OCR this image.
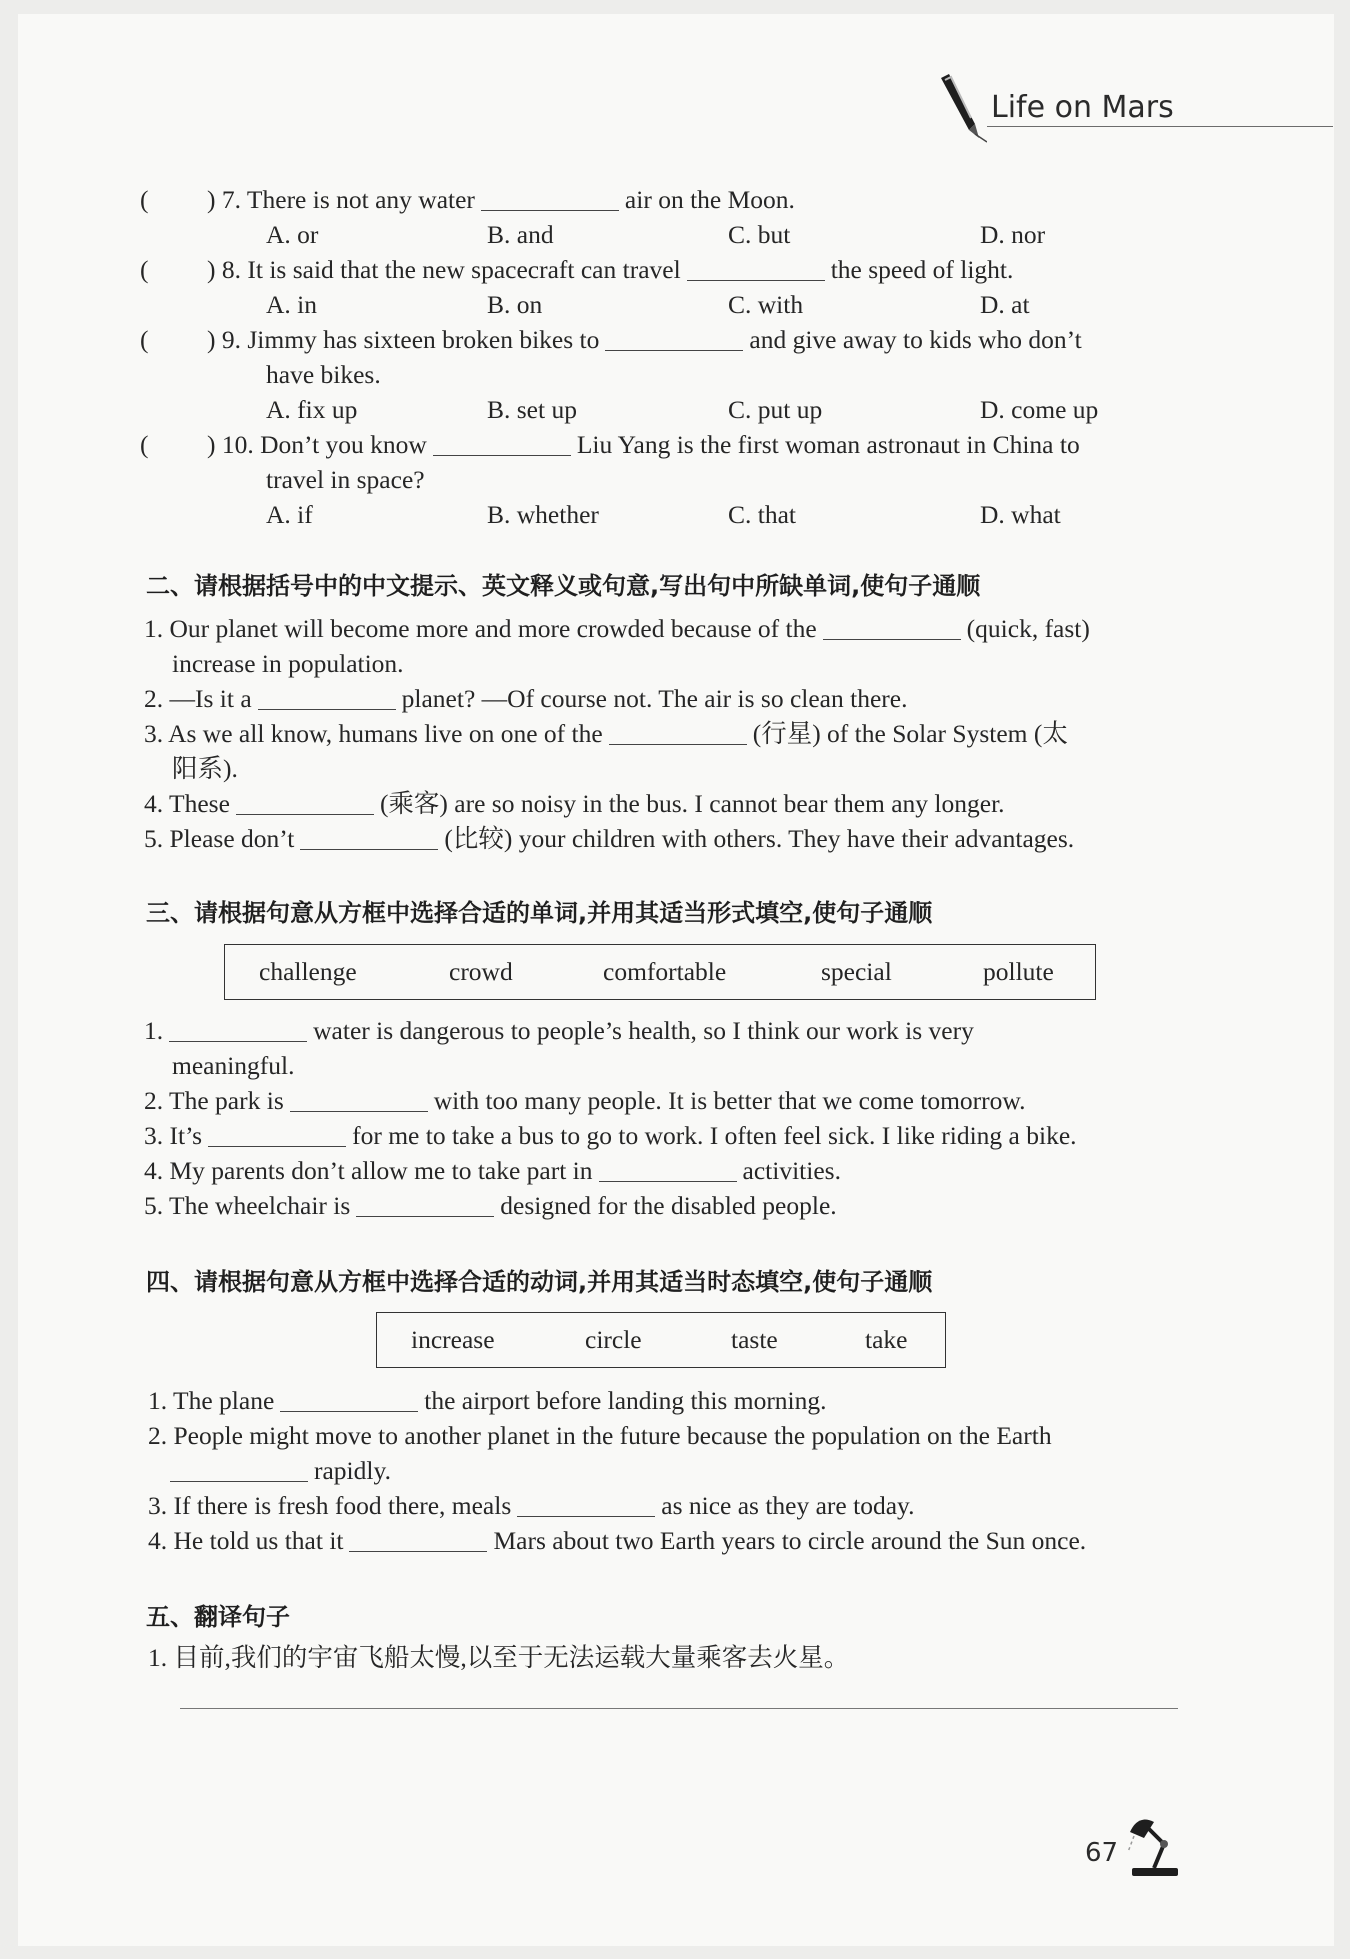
Life on Mars
( ) 7. There is not any water	air on the Moon.
A. or	B. and	C. but	D. nor
( ) 8. It is said that the new spacecraft can travel	the speed of light.
A. in	B. on	C. with	D. at
( ) 9. Jimmy has sixteen broken bikes to	and give away to kids who don’t
have bikes.
A. fix up	B. set up	C. put up	D. come up
( ) 10. Don’t you know	Liu Yang is the first woman astronaut in China to
travel in space?
A. if	B. whether	C. that	D. what
二、请根据括号中的中文提示、英文释义或句意,写出句中所缺单词,使句子通顺
1. Our planet will become more and more crowded because of the	(quick, fast)
increase in population.
2. —Is it a	planet? —Of course not. The air is so clean there.
3. As we all know, humans live on one of the	(行星) of the Solar System (太
阳系).
4. These	(乘客) are so noisy in the bus. I cannot bear them any longer.
5. Please don’t	(比较) your children with others. They have their advantages.
三、请根据句意从方框中选择合适的单词,并用其适当形式填空,使句子通顺
challenge	crowd	comfortable	special	pollute
1.	water is dangerous to people’s health, so I think our work is very
meaningful.
2. The park is	with too many people. It is better that we come tomorrow.
3. It’s	for me to take a bus to go to work. I often feel sick. I like riding a bike.
4. My parents don’t allow me to take part in	activities.
5. The wheelchair is	designed for the disabled people.
四、请根据句意从方框中选择合适的动词,并用其适当时态填空,使句子通顺
increase	circle	taste	take
1. The plane	the airport before landing this morning.
2. People might move to another planet in the future because the population on the Earth
rapidly.
3. If there is fresh food there, meals	as nice as they are today.
4. He told us that it	Mars about two Earth years to circle around the Sun once.
五、翻译句子
1. 目前,我们的宇宙飞船太慢,以至于无法运载大量乘客去火星。
67
